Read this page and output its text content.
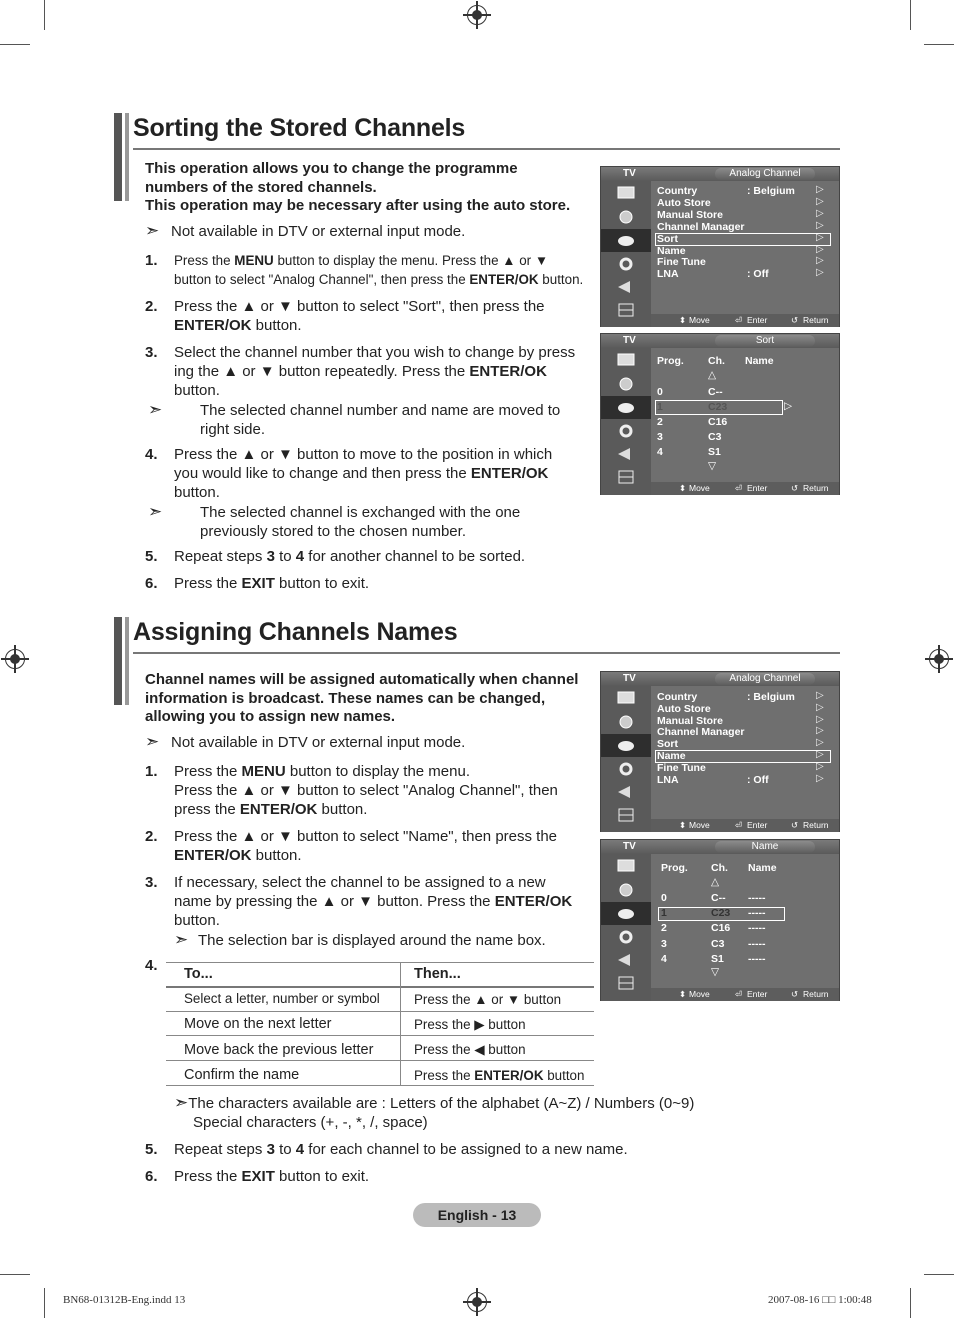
Sorting the Stored Channels
This operation allows you to change the programme
numbers of the stored channels.
This operation may be necessary after using the auto store.
➣ Not available in DTV or external input mode.
1. Press the MENU button to display the menu. Press the ▲ or ▼
button to select "Analog Channel", then press the ENTER/OK button.
2. Press the ▲ or ▼ button to select "Sort", then press the
ENTER/OK button.
3. Select the channel number that you wish to change by press
ing the ▲ or ▼ button repeatedly. Press the ENTER/OK
button.
➣	The selected channel number and name are moved to
right side.
4. Press the ▲ or ▼ button to move to the position in which
you would like to change and then press the ENTER/OK
button.
➣	The selected channel is exchanged with the one
previously stored to the chosen number.
5. Repeat steps 3 to 4 for another channel to be sorted.
6. Press the EXIT button to exit.
TV	Analog Channel
Country
Auto Store
Manual Store
Channel Manager
Sort
Name
Fine Tune
LNA
: Belgium
: Off
▷
▷
▷
▷
▷
▷
▷
▷
⬍ Move	⏎ Enter	↺ Return
TV	Sort
Prog. Ch. Name
△
0	C--
1	C23
2	C16
3	C3
4	S1
▽
▷
⬍ Move	⏎ Enter	↺ Return
Assigning Channels Names
Channel names will be assigned automatically when channel
information is broadcast. These names can be changed,
allowing you to assign new names.
➣ Not available in DTV or external input mode.
1. Press the MENU button to display the menu.
Press the ▲ or ▼ button to select "Analog Channel", then
press the ENTER/OK button.
2. Press the ▲ or ▼ button to select "Name", then press the
ENTER/OK button.
3. If necessary, select the channel to be assigned to a new
name by pressing the ▲ or ▼ button. Press the ENTER/OK
button.
➣ The selection bar is displayed around the name box.
4. To...	Then...
Select a letter, number or symbol	Press the ▲ or ▼ button
Move on the next letter	Press the ▶ button
Move back the previous letter	Press the ◀ button
Confirm the name	Press the ENTER/OK button
➣The characters available are : Letters of the alphabet (A~Z) / Numbers (0~9)
Special characters (+, -, *, /, space)
5. Repeat steps 3 to 4 for each channel to be assigned to a new name.
6. Press the EXIT button to exit.
TV	Analog Channel
Country
Auto Store
Manual Store
Channel Manager
Sort
Name
Fine Tune
LNA
: Belgium
: Off
▷
▷
▷
▷
▷
▷
▷
▷
⬍ Move	⏎ Enter	↺ Return
TV	Name
Prog. Ch. Name
△
0	C-- -----
1	C23 -----
2	C16 -----
3	C3 -----
4	S1 -----
▽
⬍ Move	⏎ Enter	↺ Return
English - 13
BN68-01312B-Eng.indd 13	2007-08-16 □□ 1:00:48
